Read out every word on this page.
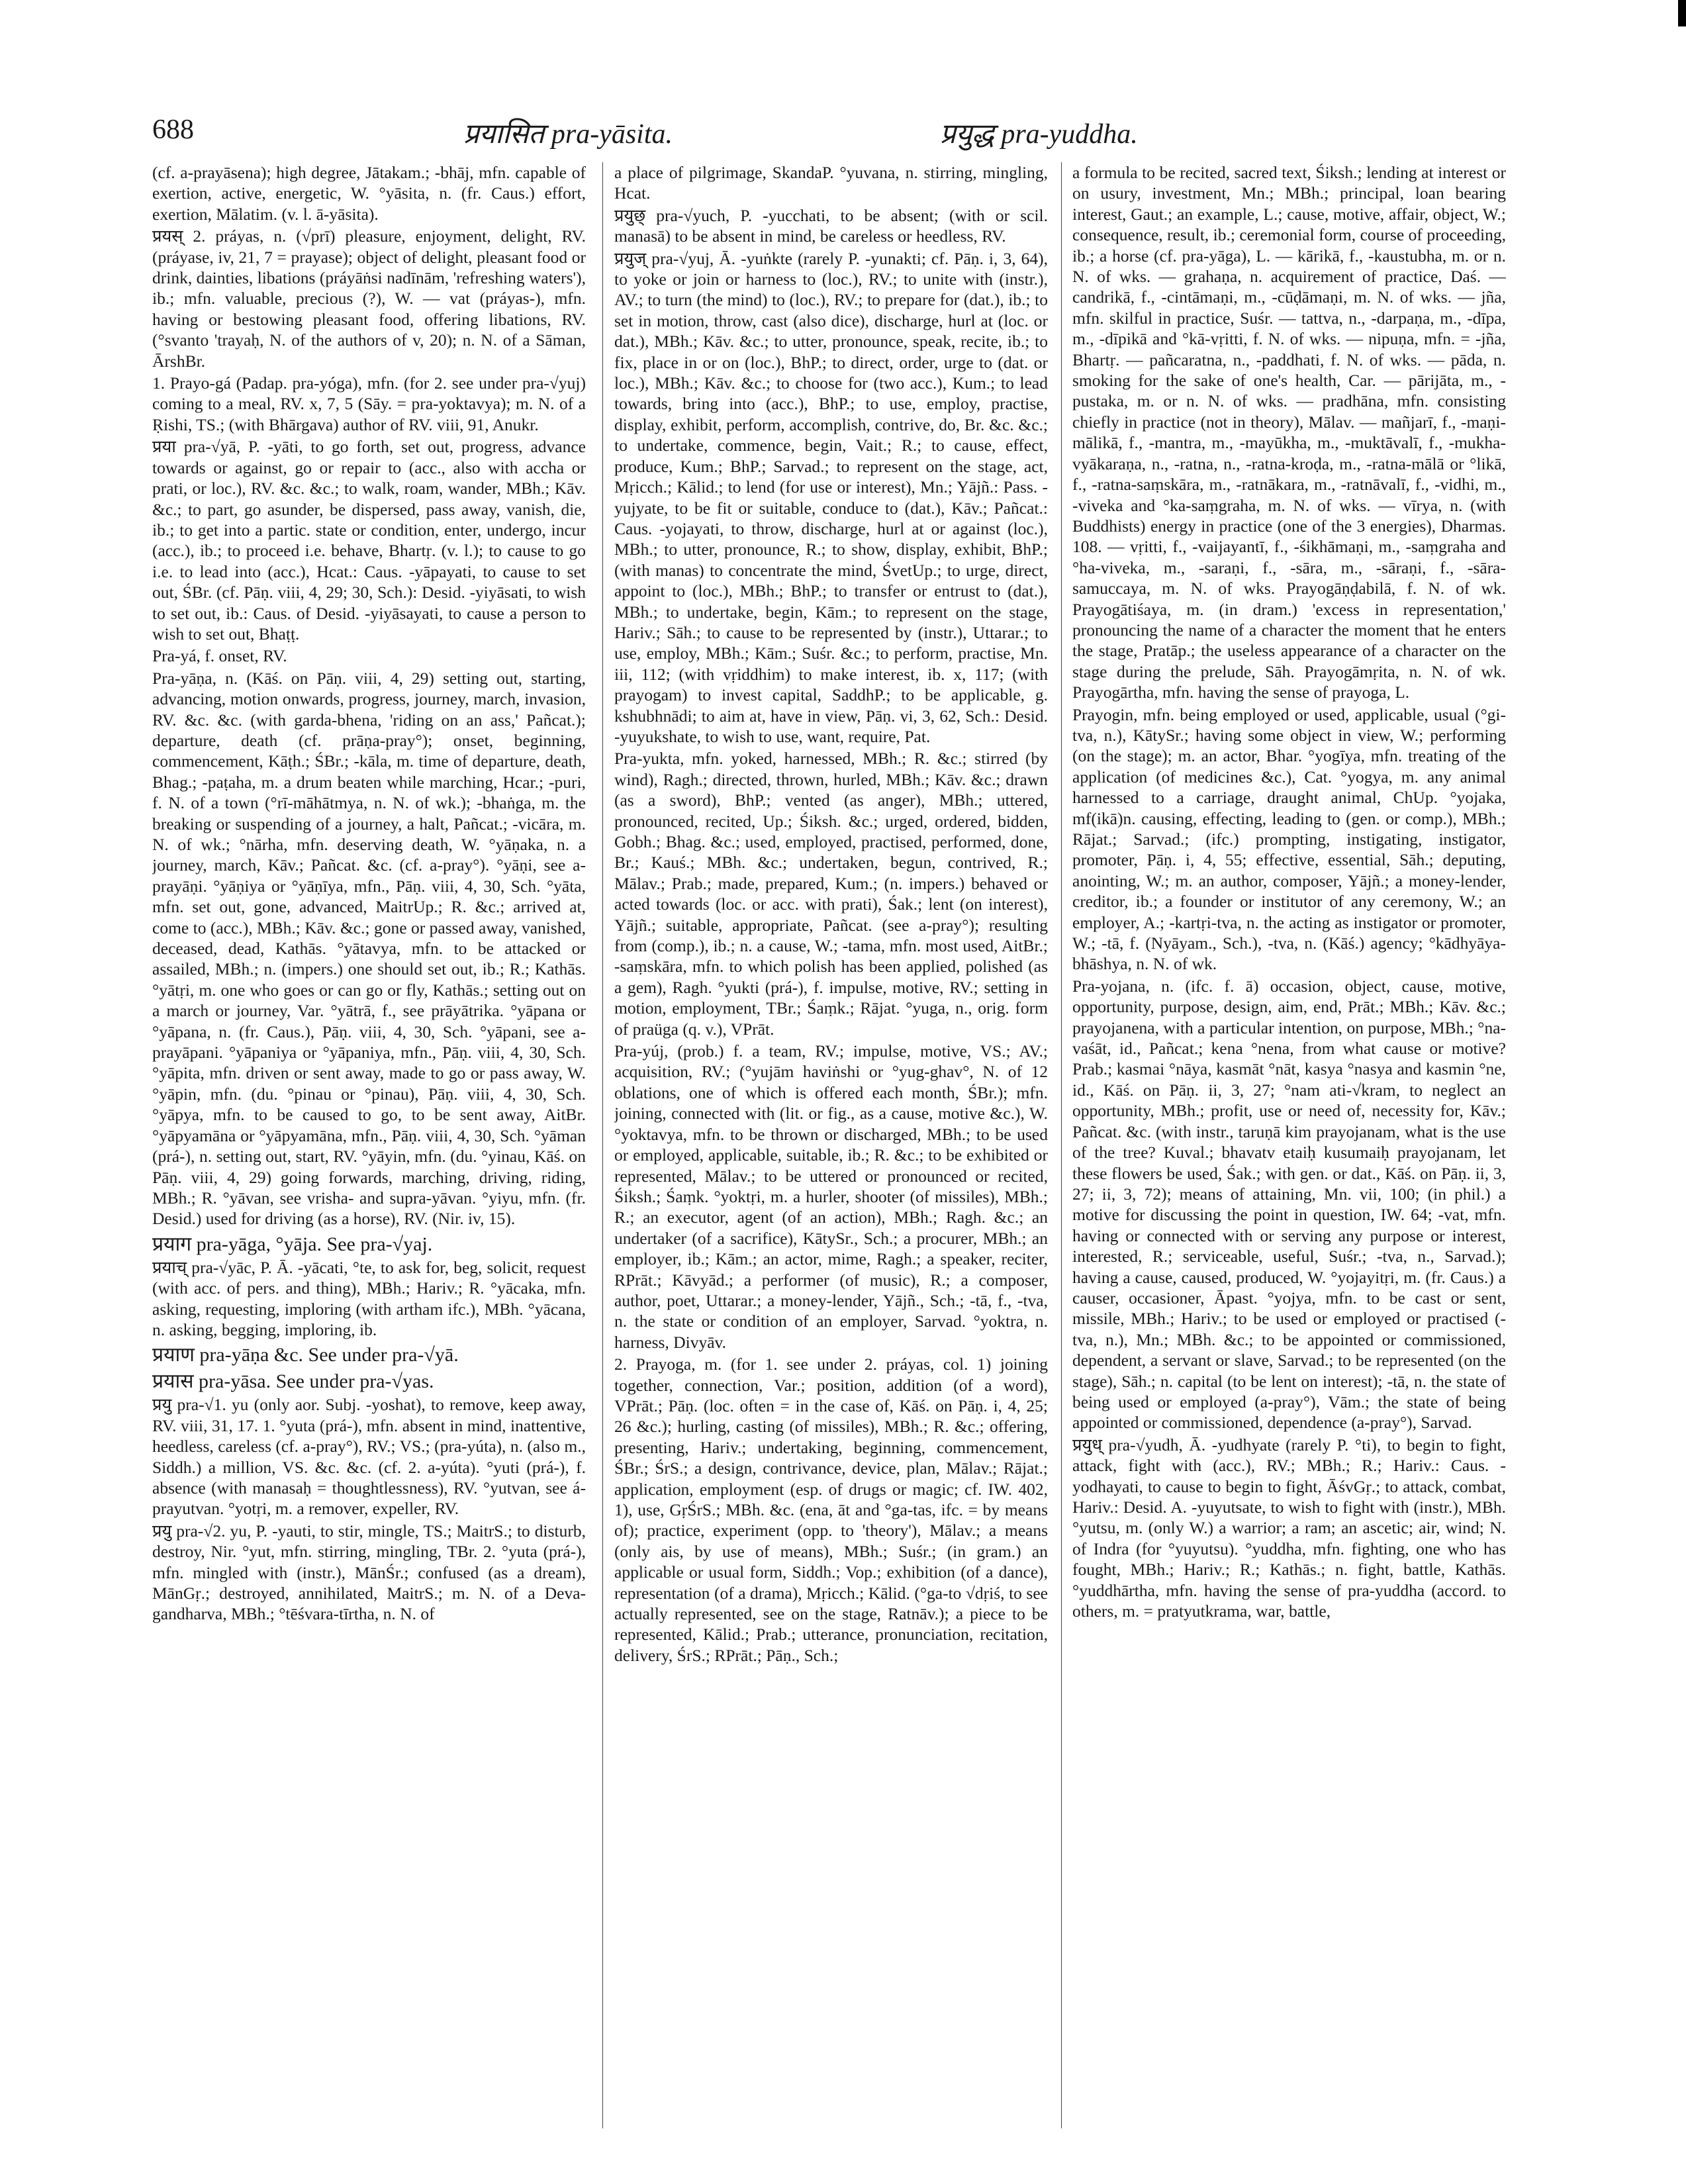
688	प्रयासित pra-yāsita.	प्रयुद्ध pra-yuddha.

(cf. a-prayāsena); high degree, Jātakam.; -bhāj, mfn. capable of exertion, active, energetic, W. °yāsita, n. (fr. Caus.) effort, exertion, Mālatim. (v. l. ā-yāsita).

प्रयस् 2. práyas, n. (√prī) pleasure, enjoyment, delight, RV. (práyase, iv, 21, 7 = prayase); object of delight, pleasant food or drink, dainties, libations (práyāṅsi nadīnām, 'refreshing waters'), ib.; mfn. valuable, precious (?), W. — vat (práyas-), mfn. having or bestowing pleasant food, offering libations, RV. (°svanto 'trayaḥ, N. of the authors of v, 20); n. N. of a Sāman, ĀrshBr.

1. Prayo-gá (Padap. pra-yóga), mfn. (for 2. see under pra-√yuj) coming to a meal, RV. x, 7, 5 (Sāy. = pra-yoktavya); m. N. of a Ṛishi, TS.; (with Bhārgava) author of RV. viii, 91, Anukr.

प्रया pra-√yā, P. -yāti, to go forth, set out, progress, advance towards or against, go or repair to (acc., also with accha or prati, or loc.), RV. &c. &c.; to walk, roam, wander, MBh.; Kāv. &c.; to part, go asunder, be dispersed, pass away, vanish, die, ib.; to get into a partic. state or condition, enter, undergo, incur (acc.), ib.; to proceed i.e. behave, Bhartṛ. (v. l.); to cause to go i.e. to lead into (acc.), Hcat.: Caus. -yāpayati, to cause to set out, ŚBr. (cf. Pāṇ. viii, 4, 29; 30, Sch.): Desid. -yiyāsati, to wish to set out, ib.: Caus. of Desid. -yiyāsayati, to cause a person to wish to set out, Bhaṭṭ.

Pra-yá, f. onset, RV.

Pra-yāṇa, n. (Kāś. on Pāṇ. viii, 4, 29) setting out, starting, advancing, motion onwards, progress, journey, march, invasion, RV. &c. &c. (with garda-bhena, 'riding on an ass,' Pañcat.); departure, death (cf. prāṇa-pray°); onset, beginning, commencement, Kāṭh.; ŚBr.; -kāla, m. time of departure, death, Bhag.; -paṭaha, m. a drum beaten while marching, Hcar.; -puri, f. N. of a town (°rī-māhātmya, n. N. of wk.); -bhaṅga, m. the breaking or suspending of a journey, a halt, Pañcat.; -vicāra, m. N. of wk.; °nārha, mfn. deserving death, W. °yāṇaka, n. a journey, march, Kāv.; Pañcat. &c. (cf. a-pray°). °yāṇi, see a-prayāṇi. °yāṇiya or °yāṇīya, mfn., Pāṇ. viii, 4, 30, Sch. °yāta, mfn. set out, gone, advanced, MaitrUp.; R. &c.; arrived at, come to (acc.), MBh.; Kāv. &c.; gone or passed away, vanished, deceased, dead, Kathās. °yātavya, mfn. to be attacked or assailed, MBh.; n. (impers.) one should set out, ib.; R.; Kathās. °yātṛi, m. one who goes or can go or fly, Kathās.; setting out on a march or journey, Var. °yātrā, f., see prāyātrika. °yāpana or °yāpana, n. (fr. Caus.), Pāṇ. viii, 4, 30, Sch. °yāpani, see a-prayāpani. °yāpaniya or °yāpaniya, mfn., Pāṇ. viii, 4, 30, Sch. °yāpita, mfn. driven or sent away, made to go or pass away, W. °yāpin, mfn. (du. °pinau or °pinau), Pāṇ. viii, 4, 30, Sch. °yāpya, mfn. to be caused to go, to be sent away, AitBr. °yāpyamāna or °yāpyamāna, mfn., Pāṇ. viii, 4, 30, Sch. °yāman (prá-), n. setting out, start, RV. °yāyin, mfn. (du. °yinau, Kāś. on Pāṇ. viii, 4, 29) going forwards, marching, driving, riding, MBh.; R. °yāvan, see vrisha- and supra-yāvan. °yiyu, mfn. (fr. Desid.) used for driving (as a horse), RV. (Nir. iv, 15).

प्रयाग pra-yāga, °yāja. See pra-√yaj.

प्रयाच् pra-√yāc, P. Ā. -yācati, °te, to ask for, beg, solicit, request (with acc. of pers. and thing), MBh.; Hariv.; R. °yācaka, mfn. asking, requesting, imploring (with artham ifc.), MBh. °yācana, n. asking, begging, imploring, ib.

प्रयाण pra-yāṇa &c. See under pra-√yā.

प्रयास pra-yāsa. See under pra-√yas.

प्रयु pra-√1. yu (only aor. Subj. -yoshat), to remove, keep away, RV. viii, 31, 17. 1. °yuta (prá-), mfn. absent in mind, inattentive, heedless, careless (cf. a-pray°), RV.; VS.; (pra-yúta), n. (also m., Siddh.) a million, VS. &c. &c. (cf. 2. a-yúta). °yuti (prá-), f. absence (with manasaḥ = thoughtlessness), RV. °yutvan, see á-prayutvan. °yotṛi, m. a remover, expeller, RV.

प्रयु pra-√2. yu, P. -yauti, to stir, mingle, TS.; MaitrS.; to disturb, destroy, Nir. °yut, mfn. stirring, mingling, TBr. 2. °yuta (prá-), mfn. mingled with (instr.), MānŚr.; confused (as a dream), MānGṛ.; destroyed, annihilated, MaitrS.; m. N. of a Deva-gandharva, MBh.; °tēśvara-tīrtha, n. N. of

a place of pilgrimage, SkandaP. °yuvana, n. stirring, mingling, Hcat.

प्रयुछ् pra-√yuch, P. -yucchati, to be absent; (with or scil. manasā) to be absent in mind, be careless or heedless, RV.

प्रयुज् pra-√yuj, Ā. -yuṅkte (rarely P. -yunakti; cf. Pāṇ. i, 3, 64), to yoke or join or harness to (loc.), RV.; to unite with (instr.), AV.; to turn (the mind) to (loc.), RV.; to prepare for (dat.), ib.; to set in motion, throw, cast (also dice), discharge, hurl at (loc. or dat.), MBh.; Kāv. &c.; to utter, pronounce, speak, recite, ib.; to fix, place in or on (loc.), BhP.; to direct, order, urge to (dat. or loc.), MBh.; Kāv. &c.; to choose for (two acc.), Kum.; to lead towards, bring into (acc.), BhP.; to use, employ, practise, display, exhibit, perform, accomplish, contrive, do, Br. &c. &c.; to undertake, commence, begin, Vait.; R.; to cause, effect, produce, Kum.; BhP.; Sarvad.; to represent on the stage, act, Mṛicch.; Kālid.; to lend (for use or interest), Mn.; Yājñ.: Pass. -yujyate, to be fit or suitable, conduce to (dat.), Kāv.; Pañcat.: Caus. -yojayati, to throw, discharge, hurl at or against (loc.), MBh.; to utter, pronounce, R.; to show, display, exhibit, BhP.; (with manas) to concentrate the mind, ŚvetUp.; to urge, direct, appoint to (loc.), MBh.; BhP.; to transfer or entrust to (dat.), MBh.; to undertake, begin, Kām.; to represent on the stage, Hariv.; Sāh.; to cause to be represented by (instr.), Uttarar.; to use, employ, MBh.; Kām.; Suśr. &c.; to perform, practise, Mn. iii, 112; (with vṛiddhim) to make interest, ib. x, 117; (with prayogam) to invest capital, SaddhP.; to be applicable, g. kshubhnādi; to aim at, have in view, Pāṇ. vi, 3, 62, Sch.: Desid. -yuyukshate, to wish to use, want, require, Pat.

Pra-yukta, mfn. yoked, harnessed, MBh.; R. &c.; stirred (by wind), Ragh.; directed, thrown, hurled, MBh.; Kāv. &c.; drawn (as a sword), BhP.; vented (as anger), MBh.; uttered, pronounced, recited, Up.; Śiksh. &c.; urged, ordered, bidden, Gobh.; Bhag. &c.; used, employed, practised, performed, done, Br.; Kauś.; MBh. &c.; undertaken, begun, contrived, R.; Mālav.; Prab.; made, prepared, Kum.; (n. impers.) behaved or acted towards (loc. or acc. with prati), Śak.; lent (on interest), Yājñ.; suitable, appropriate, Pañcat. (see a-pray°); resulting from (comp.), ib.; n. a cause, W.; -tama, mfn. most used, AitBr.; -saṃskāra, mfn. to which polish has been applied, polished (as a gem), Ragh. °yukti (prá-), f. impulse, motive, RV.; setting in motion, employment, TBr.; Śaṃk.; Rājat. °yuga, n., orig. form of praüga (q. v.), VPrāt.

Pra-yúj, (prob.) f. a team, RV.; impulse, motive, VS.; AV.; acquisition, RV.; (°yujām haviṅshi or °yug-ghav°, N. of 12 oblations, one of which is offered each month, ŚBr.); mfn. joining, connected with (lit. or fig., as a cause, motive &c.), W. °yoktavya, mfn. to be thrown or discharged, MBh.; to be used or employed, applicable, suitable, ib.; R. &c.; to be exhibited or represented, Mālav.; to be uttered or pronounced or recited, Śiksh.; Śaṃk. °yoktṛi, m. a hurler, shooter (of missiles), MBh.; R.; an executor, agent (of an action), MBh.; Ragh. &c.; an undertaker (of a sacrifice), KātySr., Sch.; a procurer, MBh.; an employer, ib.; Kām.; an actor, mime, Ragh.; a speaker, reciter, RPrāt.; Kāvyād.; a performer (of music), R.; a composer, author, poet, Uttarar.; a money-lender, Yājñ., Sch.; -tā, f., -tva, n. the state or condition of an employer, Sarvad. °yoktra, n. harness, Divyāv.

2. Prayoga, m. (for 1. see under 2. práyas, col. 1) joining together, connection, Var.; position, addition (of a word), VPrāt.; Pāṇ. (loc. often = in the case of, Kāś. on Pāṇ. i, 4, 25; 26 &c.); hurling, casting (of missiles), MBh.; R. &c.; offering, presenting, Hariv.; undertaking, beginning, commencement, ŚBr.; ŚrS.; a design, contrivance, device, plan, Mālav.; Rājat.; application, employment (esp. of drugs or magic; cf. IW. 402, 1), use, GṛŚrS.; MBh. &c. (ena, āt and °ga-tas, ifc. = by means of); practice, experiment (opp. to 'theory'), Mālav.; a means (only ais, by use of means), MBh.; Suśr.; (in gram.) an applicable or usual form, Siddh.; Vop.; exhibition (of a dance), representation (of a drama), Mṛicch.; Kālid. (°ga-to √dṛiś, to see actually represented, see on the stage, Ratnāv.); a piece to be represented, Kālid.; Prab.; utterance, pronunciation, recitation, delivery, ŚrS.; RPrāt.; Pāṇ., Sch.;

a formula to be recited, sacred text, Śiksh.; lending at interest or on usury, investment, Mn.; MBh.; principal, loan bearing interest, Gaut.; an example, L.; cause, motive, affair, object, W.; consequence, result, ib.; ceremonial form, course of proceeding, ib.; a horse (cf. pra-yāga), L. — kārikā, f., -kaustubha, m. or n. N. of wks. — grahaṇa, n. acquirement of practice, Daś. — candrikā, f., -cintāmaṇi, m., -cūḍāmaṇi, m. N. of wks. — jña, mfn. skilful in practice, Suśr. — tattva, n., -darpaṇa, m., -dīpa, m., -dīpikā and °kā-vṛitti, f. N. of wks. — nipuṇa, mfn. = -jña, Bhartṛ. — pañcaratna, n., -paddhati, f. N. of wks. — pāda, n. smoking for the sake of one's health, Car. — pārijāta, m., -pustaka, m. or n. N. of wks. — pradhāna, mfn. consisting chiefly in practice (not in theory), Mālav. — mañjarī, f., -maṇi-mālikā, f., -mantra, m., -mayūkha, m., -muktāvalī, f., -mukha-vyākaraṇa, n., -ratna, n., -ratna-kroḍa, m., -ratna-mālā or °likā, f., -ratna-saṃskāra, m., -ratnākara, m., -ratnāvalī, f., -vidhi, m., -viveka and °ka-saṃgraha, m. N. of wks. — vīrya, n. (with Buddhists) energy in practice (one of the 3 energies), Dharmas. 108. — vṛitti, f., -vaijayantī, f., -śikhāmaṇi, m., -saṃgraha and °ha-viveka, m., -saraṇi, f., -sāra, m., -sāraṇi, f., -sāra-samuccaya, m. N. of wks. Prayogāṇḍabilā, f. N. of wk. Prayogātiśaya, m. (in dram.) 'excess in representation,' pronouncing the name of a character the moment that he enters the stage, Pratāp.; the useless appearance of a character on the stage during the prelude, Sāh. Prayogāmṛita, n. N. of wk. Prayogārtha, mfn. having the sense of prayoga, L.

Prayogin, mfn. being employed or used, applicable, usual (°gi-tva, n.), KātySr.; having some object in view, W.; performing (on the stage); m. an actor, Bhar. °yogīya, mfn. treating of the application (of medicines &c.), Cat. °yogya, m. any animal harnessed to a carriage, draught animal, ChUp. °yojaka, mf(ikā)n. causing, effecting, leading to (gen. or comp.), MBh.; Rājat.; Sarvad.; (ifc.) prompting, instigating, instigator, promoter, Pāṇ. i, 4, 55; effective, essential, Sāh.; deputing, anointing, W.; m. an author, composer, Yājñ.; a money-lender, creditor, ib.; a founder or institutor of any ceremony, W.; an employer, A.; -kartṛi-tva, n. the acting as instigator or promoter, W.; -tā, f. (Nyāyam., Sch.), -tva, n. (Kāś.) agency; °kādhyāya-bhāshya, n. N. of wk.

Pra-yojana, n. (ifc. f. ā) occasion, object, cause, motive, opportunity, purpose, design, aim, end, Prāt.; MBh.; Kāv. &c.; prayojanena, with a particular intention, on purpose, MBh.; °na-vaśāt, id., Pañcat.; kena °nena, from what cause or motive? Prab.; kasmai °nāya, kasmāt °nāt, kasya °nasya and kasmin °ne, id., Kāś. on Pāṇ. ii, 3, 27; °nam ati-√kram, to neglect an opportunity, MBh.; profit, use or need of, necessity for, Kāv.; Pañcat. &c. (with instr., taruṇā kim prayojanam, what is the use of the tree? Kuval.; bhavatv etaiḥ kusumaiḥ prayojanam, let these flowers be used, Śak.; with gen. or dat., Kāś. on Pāṇ. ii, 3, 27; ii, 3, 72); means of attaining, Mn. vii, 100; (in phil.) a motive for discussing the point in question, IW. 64; -vat, mfn. having or connected with or serving any purpose or interest, interested, R.; serviceable, useful, Suśr.; -tva, n., Sarvad.); having a cause, caused, produced, W. °yojayitṛi, m. (fr. Caus.) a causer, occasioner, Āpast. °yojya, mfn. to be cast or sent, missile, MBh.; Hariv.; to be used or employed or practised (-tva, n.), Mn.; MBh. &c.; to be appointed or commissioned, dependent, a servant or slave, Sarvad.; to be represented (on the stage), Sāh.; n. capital (to be lent on interest); -tā, n. the state of being used or employed (a-pray°), Vām.; the state of being appointed or commissioned, dependence (a-pray°), Sarvad.

प्रयुध् pra-√yudh, Ā. -yudhyate (rarely P. °ti), to begin to fight, attack, fight with (acc.), RV.; MBh.; R.; Hariv.: Caus. -yodhayati, to cause to begin to fight, ĀśvGṛ.; to attack, combat, Hariv.: Desid. A. -yuyutsate, to wish to fight with (instr.), MBh. °yutsu, m. (only W.) a warrior; a ram; an ascetic; air, wind; N. of Indra (for °yuyutsu). °yuddha, mfn. fighting, one who has fought, MBh.; Hariv.; R.; Kathās.; n. fight, battle, Kathās. °yuddhārtha, mfn. having the sense of pra-yuddha (accord. to others, m. = pratyutkrama, war, battle,
